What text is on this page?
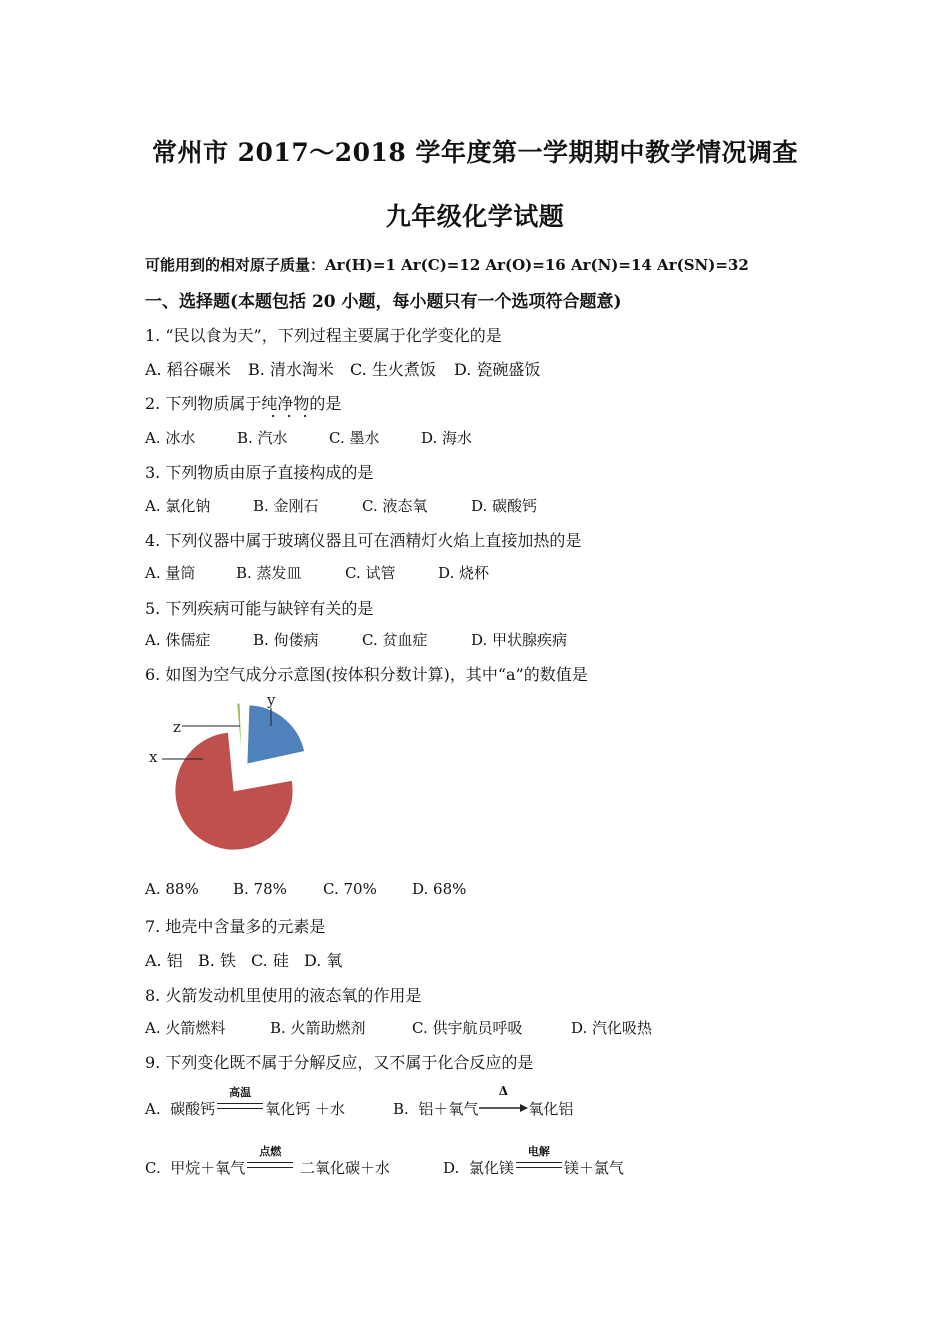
常州市 2017～2018 学年度第一学期期中教学情况调查
九年级化学试题
可能用到的相对原子质量：Ar(H)=1 Ar(C)=12 Ar(O)=16 Ar(N)=14 Ar(SN)=32
一、选择题(本题包括 20 小题，每小题只有一个选项符合题意)
1. “民以食为天”，下列过程主要属于化学变化的是
A. 稻谷碾米 B. 清水淘米 C. 生火煮饭 D. 瓷碗盛饭
2. 下列物质属于纯净物的是
A. 冰水	B. 汽水	C. 墨水	D. 海水
3. 下列物质由原子直接构成的是
A. 氯化钠	B. 金刚石	C. 液态氧	D. 碳酸钙
4. 下列仪器中属于玻璃仪器且可在酒精灯火焰上直接加热的是
A. 量筒	B. 蒸发皿	C. 试管	D. 烧杯
5. 下列疾病可能与缺锌有关的是
A. 侏儒症	B. 佝偻病	C. 贫血症	D. 甲状腺疾病
6. 如图为空气成分示意图(按体积分数计算)，其中“a”的数值是
y
z
x
A. 88% B. 78% C. 70% D. 68%
7. 地壳中含量多的元素是
A. 铝 B. 铁 C. 硅 D. 氧
8. 火箭发动机里使用的液态氧的作用是
A. 火箭燃料	B. 火箭助燃剂	C. 供宇航员呼吸	D. 汽化吸热
9. 下列变化既不属于分解反应，又不属于化合反应的是
A. 碳酸钙
高温
氧化钙 ＋水	B. 铝＋氧气
Δ
氧化铝
C. 甲烷＋氧气
点燃
二氧化碳＋水	D. 氯化镁
电解
镁＋氯气
